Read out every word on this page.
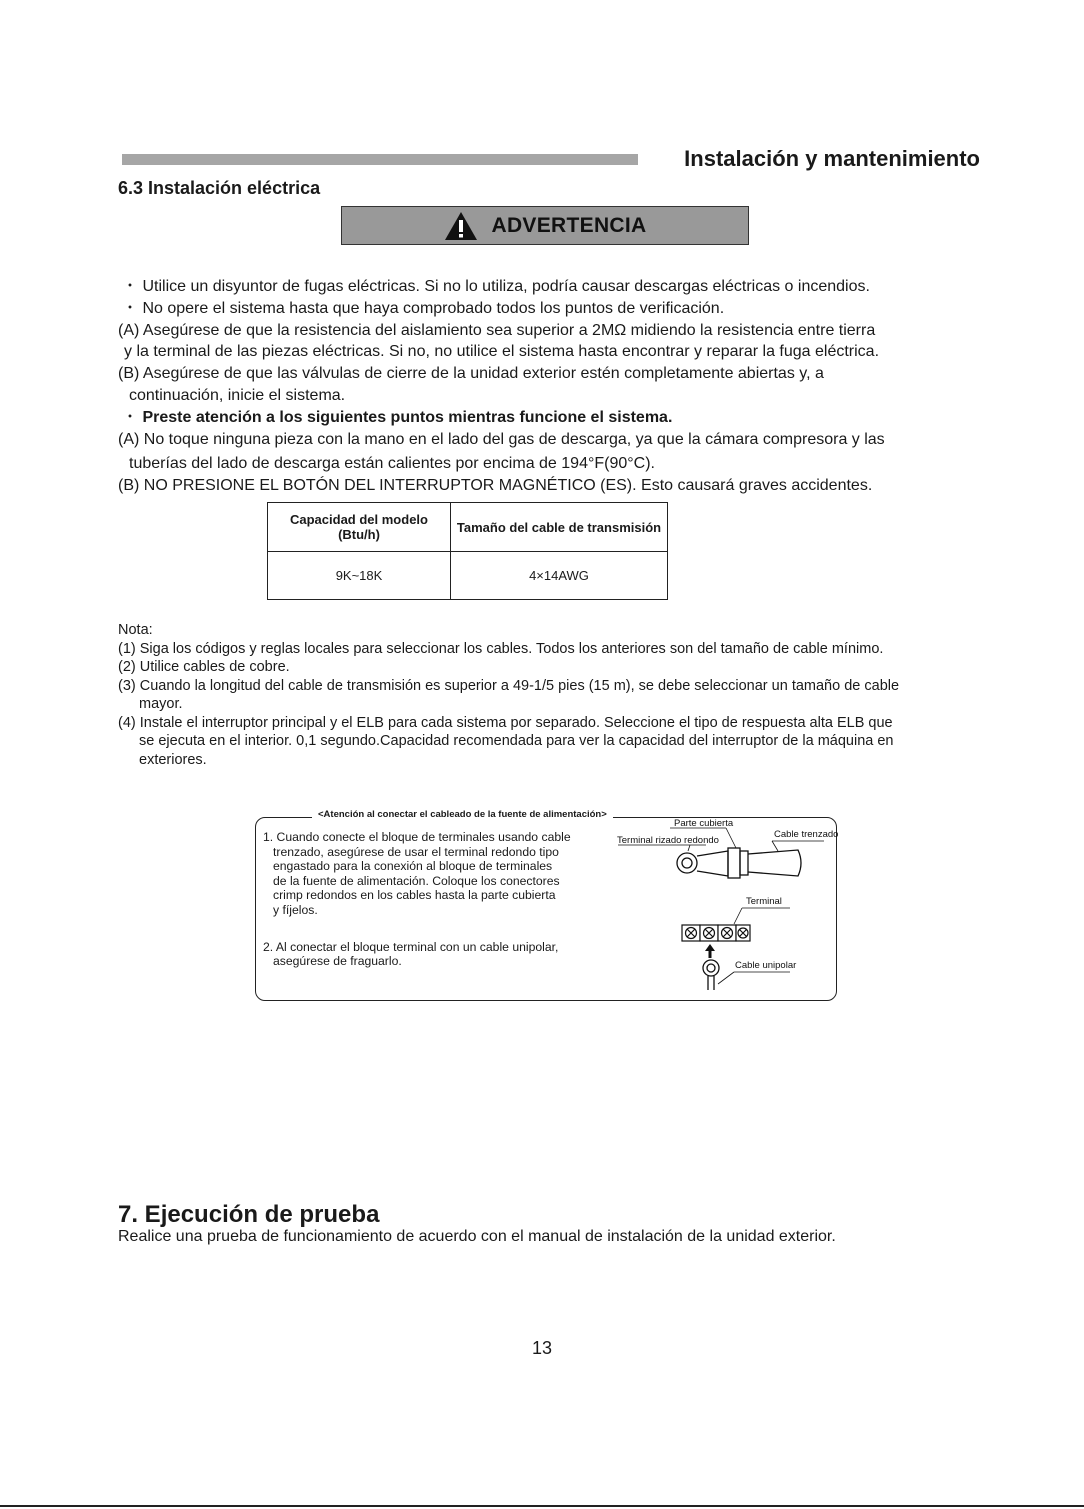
Instalación y mantenimiento
6.3 Instalación eléctrica
ADVERTENCIA
・ Utilice un disyuntor de fugas eléctricas. Si no lo utiliza, podría causar descargas eléctricas o incendios.
・ No opere el sistema hasta que haya comprobado todos los puntos de verificación.
(A) Asegúrese de que la resistencia del aislamiento sea superior a 2MΩ midiendo la resistencia entre tierra
y la terminal de las piezas eléctricas. Si no, no utilice el sistema hasta encontrar y reparar la fuga eléctrica.
(B) Asegúrese de que las válvulas de cierre de la unidad exterior estén completamente abiertas y, a
continuación, inicie el sistema.
・ Preste atención a los siguientes puntos mientras funcione el sistema.
(A) No toque ninguna pieza con la mano en el lado del gas de descarga, ya que la cámara compresora y las
tuberías del lado de descarga están calientes por encima de 194°F(90°C).
(B) NO PRESIONE EL BOTÓN DEL INTERRUPTOR MAGNÉTICO (ES). Esto causará graves accidentes.
Capacidad del modelo
(Btu/h)	Tamaño del cable de transmisión
9K~18K	4×14AWG
Nota:
(1) Siga los códigos y reglas locales para seleccionar los cables. Todos los anteriores son del tamaño de cable mínimo.
(2) Utilice cables de cobre.
(3) Cuando la longitud del cable de transmisión es superior a 49-1/5 pies (15 m), se debe seleccionar un tamaño de cable
mayor.
(4) Instale el interruptor principal y el ELB para cada sistema por separado. Seleccione el tipo de respuesta alta ELB que
se ejecuta en el interior. 0,1 segundo.Capacidad recomendada para ver la capacidad del interruptor de la máquina en
exteriores.
<Atención al conectar el cableado de la fuente de alimentación>
1. Cuando conecte el bloque de terminales usando cable
trenzado, asegúrese de usar el terminal redondo tipo
engastado para la conexión al bloque de terminales
de la fuente de alimentación. Coloque los conectores
crimp redondos en los cables hasta la parte cubierta
y fíjelos.
2. Al conectar el bloque terminal con un cable unipolar,
asegúrese de fraguarlo.
Parte cubierta
Terminal rizado redondo
Cable trenzado
Terminal
Cable unipolar
7. Ejecución de prueba
Realice una prueba de funcionamiento de acuerdo con el manual de instalación de la unidad exterior.
13
